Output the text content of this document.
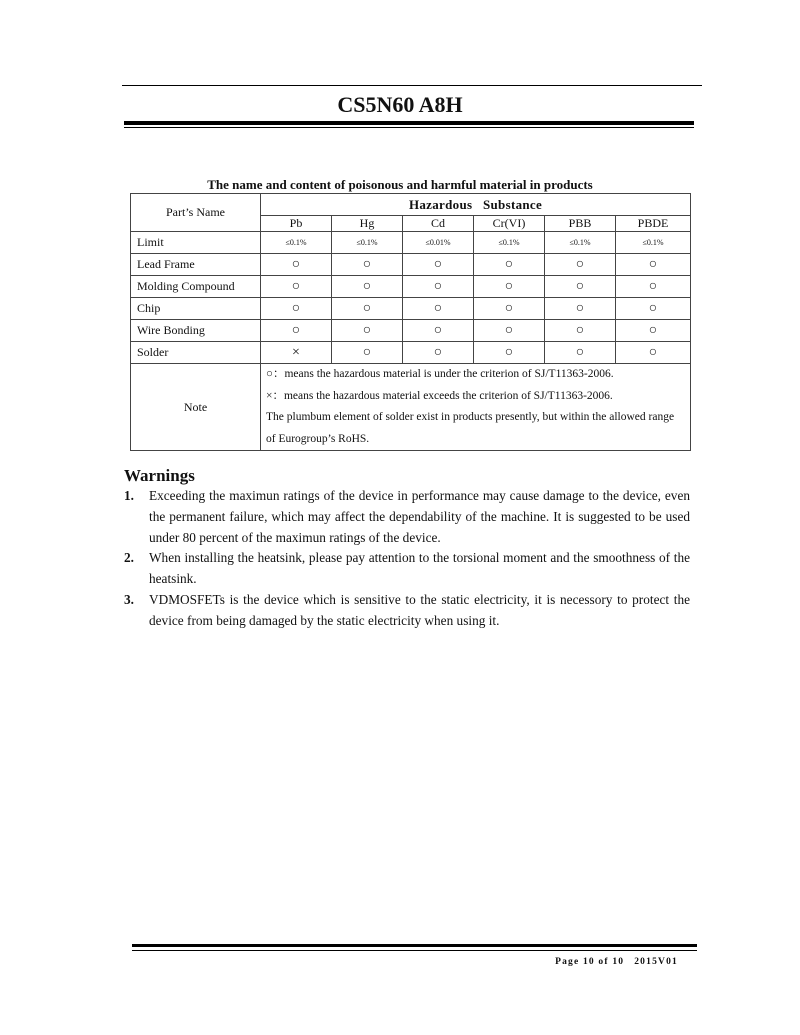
CS5N60 A8H
The name and content of poisonous and harmful material in products
Part’s Name	Hazardous   Substance					
	Pb	Hg	Cd	Cr(VI)	PBB	PBDE
Limit	≤0.1%	≤0.1%	≤0.01%	≤0.1%	≤0.1%	≤0.1%
Lead Frame	○	○	○	○	○	○
Molding Compound	○	○	○	○	○	○
Chip	○	○	○	○	○	○
Wire Bonding	○	○	○	○	○	○
Solder	×	○	○	○	○	○
Note	○：means the hazardous material is under the criterion of SJ/T11363-2006.
×：means the hazardous material exceeds the criterion of SJ/T11363-2006.
The plumbum element of solder exist in products presently, but within the allowed range of Eurogroup’s RoHS.					
Warnings
1. Exceeding the maximun ratings of the device in performance may cause damage to the device, even the permanent failure, which may affect the dependability of the machine. It is suggested to be used under 80 percent of the maximun ratings of the device.
2. When installing the heatsink, please pay attention to the torsional moment and the smoothness of the heatsink.
3. VDMOSFETs is the device which is sensitive to the static electricity, it is necessory to protect the device from being damaged by the static electricity when using it.
Page 10 of 10 2015V01
